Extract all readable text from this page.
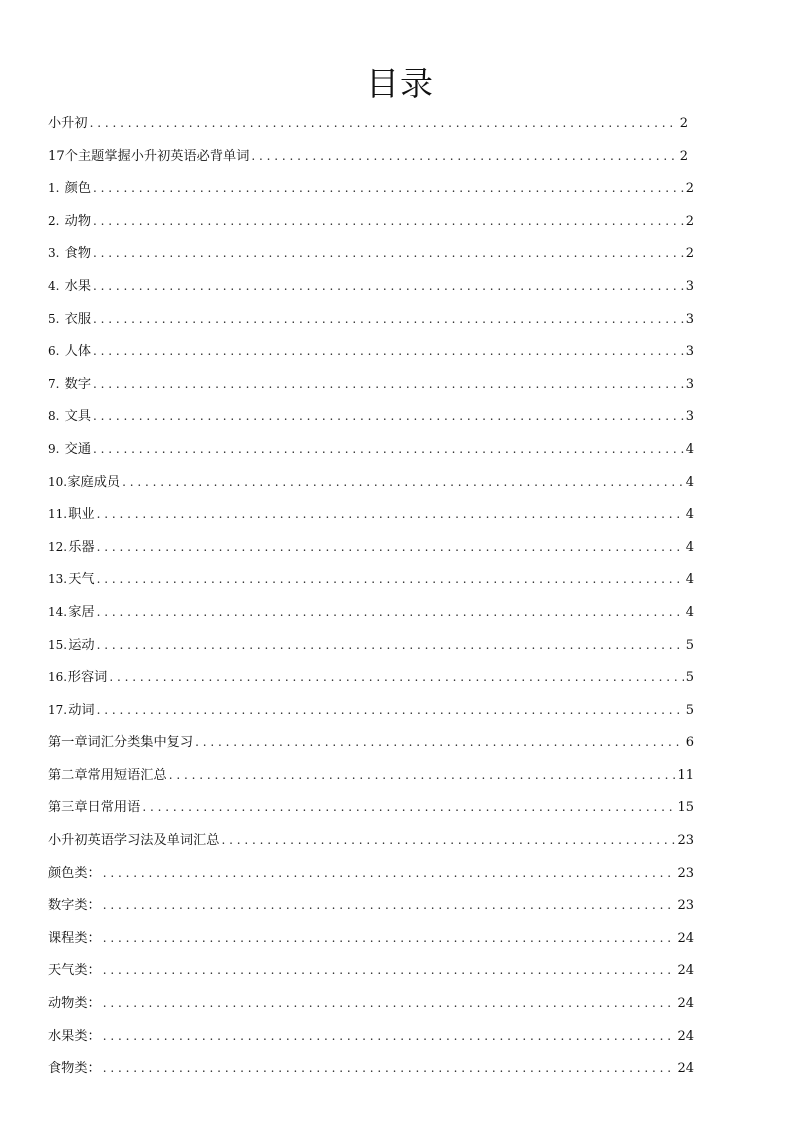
目录
小升初 . . .	2
17个主题掌握小升初英语必背单词 . . .	2
1. 颜色 . . .	2
2. 动物 . . .	2
3. 食物 . . .	2
4. 水果 . . .	3
5. 衣服 . . .	3
6. 人体 . . .	3
7. 数字 . . .	3
8. 文具 . . .	3
9. 交通 . . .	4
10. 家庭成员 . . .	4
11. 职业 . . .	4
12. 乐器 . . .	4
13. 天气 . . .	4
14. 家居 . . .	4
15. 运动 . . .	5
16. 形容词 . . .	5
17. 动词 . . .	5
第一章词汇分类集中复习 . . .	6
第二章常用短语汇总 . . .	11
第三章日常用语 . . .	15
小升初英语学习法及单词汇总 . . .	23
颜色类： . . .	23
数字类： . . .	23
课程类： . . .	24
天气类： . . .	24
动物类： . . .	24
水果类： . . .	24
食物类： . . .	24
